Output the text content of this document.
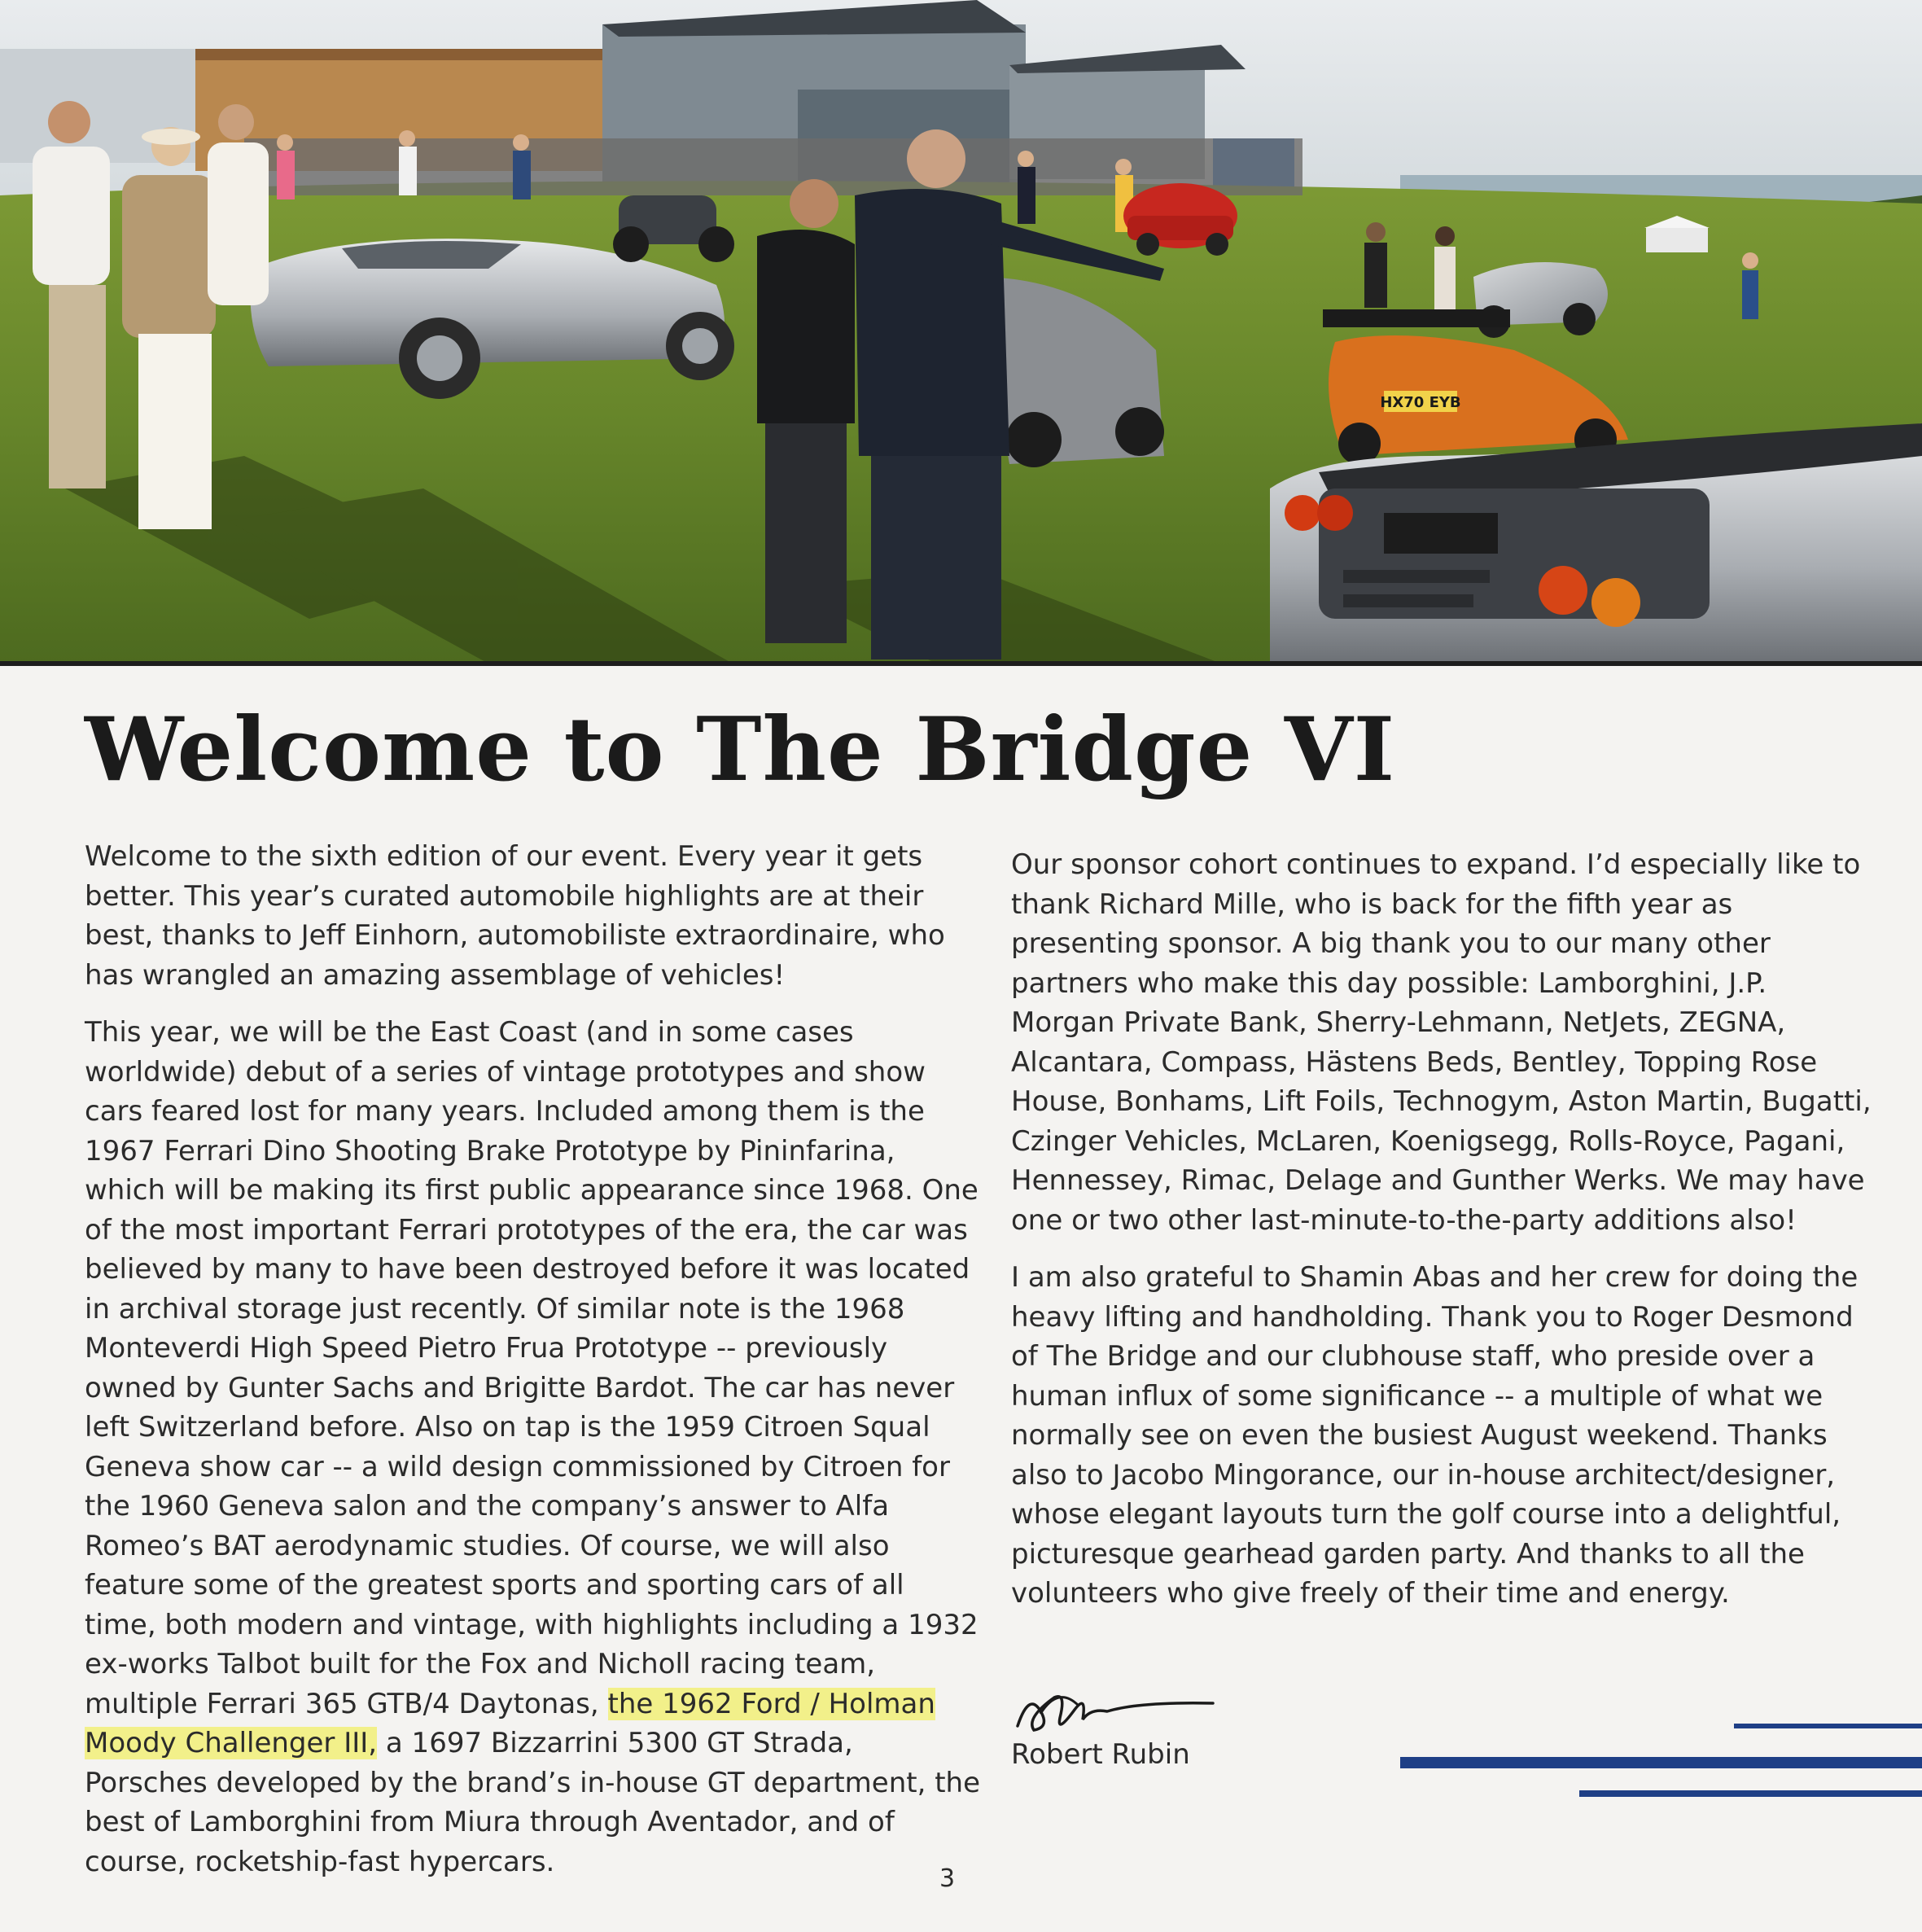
HX70 EYB
Welcome to The Bridge VI

Welcome to the sixth edition of our event. Every year it gets better. This year’s curated automobile highlights are at their best, thanks to Jeff Einhorn, automobiliste extraordinaire, who has wrangled an amazing assemblage of vehicles!

This year, we will be the East Coast (and in some cases worldwide) debut of a series of vintage prototypes and show cars feared lost for many years. Included among them is the 1967 Ferrari Dino Shooting Brake Prototype by Pininfarina, which will be making its first public appearance since 1968. One of the most important Ferrari prototypes of the era, the car was believed by many to have been destroyed before it was located in archival storage just recently. Of similar note is the 1968 Monteverdi High Speed Pietro Frua Prototype -- previously owned by Gunter Sachs and Brigitte Bardot. The car has never left Switzerland before. Also on tap is the 1959 Citroen Squal Geneva show car -- a wild design commissioned by Citroen for the 1960 Geneva salon and the company’s answer to Alfa Romeo’s BAT aerodynamic studies. Of course, we will also feature some of the greatest sports and sporting cars of all time, both modern and vintage, with highlights including a 1932 ex-works Talbot built for the Fox and Nicholl racing team, multiple Ferrari 365 GTB/4 Daytonas, the 1962 Ford / Holman Moody Challenger III, a 1697 Bizzarrini 5300 GT Strada, Porsches developed by the brand’s in-house GT department, the best of Lamborghini from Miura through Aventador, and of course, rocketship-fast hypercars.

Our sponsor cohort continues to expand. I’d especially like to thank Richard Mille, who is back for the fifth year as presenting sponsor. A big thank you to our many other partners who make this day possible: Lamborghini, J.P. Morgan Private Bank, Sherry-Lehmann, NetJets, ZEGNA, Alcantara, Compass, Hästens Beds, Bentley, Topping Rose House, Bonhams, Lift Foils, Technogym, Aston Martin, Bugatti, Czinger Vehicles, McLaren, Koenigsegg, Rolls-Royce, Pagani, Hennessey, Rimac, Delage and Gunther Werks. We may have one or two other last-minute-to-the-party additions also!

I am also grateful to Shamin Abas and her crew for doing the heavy lifting and handholding. Thank you to Roger Desmond of The Bridge and our clubhouse staff, who preside over a human influx of some significance -- a multiple of what we normally see on even the busiest August weekend. Thanks also to Jacobo Mingorance, our in-house architect/designer, whose elegant layouts turn the golf course into a delightful, picturesque gearhead garden party. And thanks to all the volunteers who give freely of their time and energy.

Robert Rubin
3
